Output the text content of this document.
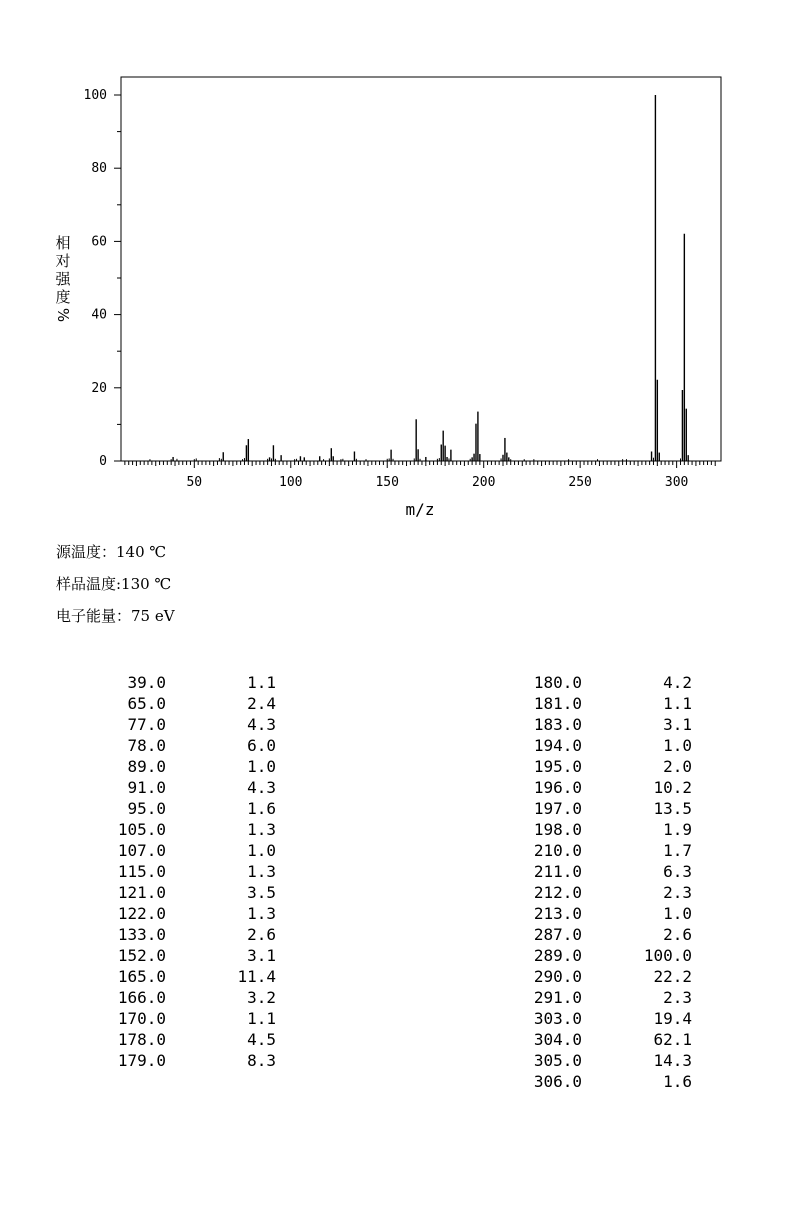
50	100	150	200	250	300
0
20
40
60
80
100
m/z
相
对
强
度
%
源温度：140 ℃
样品温度:130 ℃
电子能量：75 eV
39.0	1.1
65.0	2.4
77.0	4.3
78.0	6.0
89.0	1.0
91.0	4.3
95.0	1.6
105.0	1.3
107.0	1.0
115.0	1.3
121.0	3.5
122.0	1.3
133.0	2.6
152.0	3.1
165.0	11.4
166.0	3.2
170.0	1.1
178.0	4.5
179.0	8.3
180.0	4.2
181.0	1.1
183.0	3.1
194.0	1.0
195.0	2.0
196.0	10.2
197.0	13.5
198.0	1.9
210.0	1.7
211.0	6.3
212.0	2.3
213.0	1.0
287.0	2.6
289.0	100.0
290.0	22.2
291.0	2.3
303.0	19.4
304.0	62.1
305.0	14.3
306.0	1.6
